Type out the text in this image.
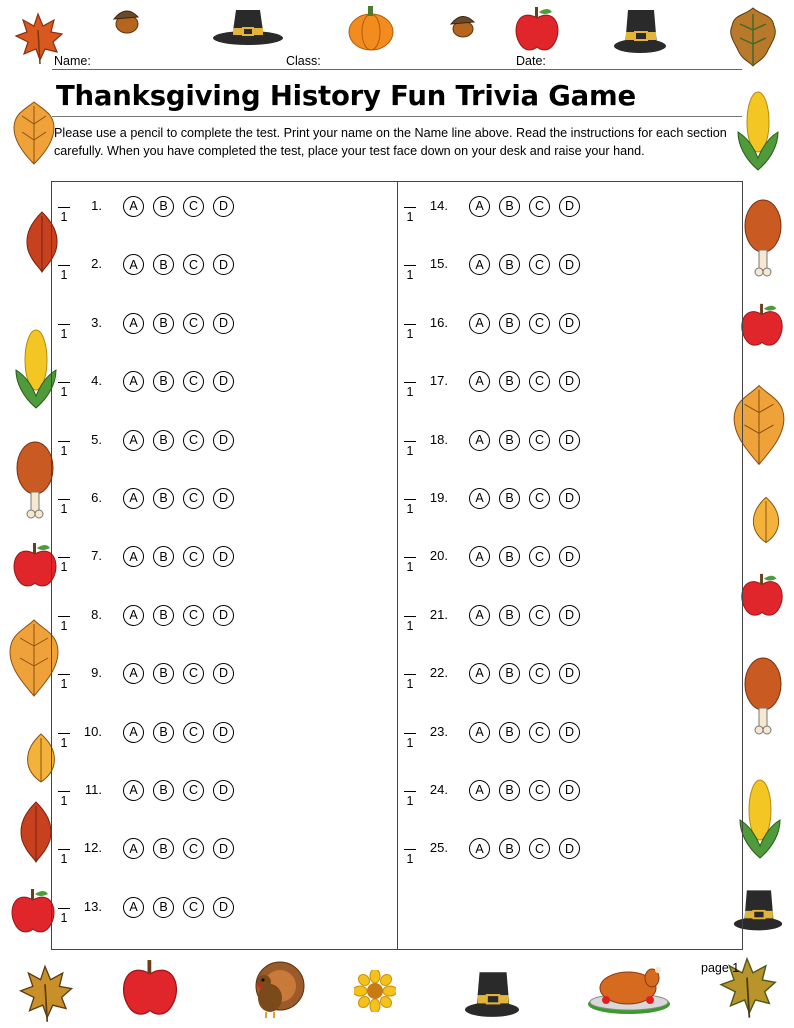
Name:	Class:	Date:
Thanksgiving History Fun Trivia Game

Please use a pencil to complete the test. Print your name on the Name line above. Read the instructions for each section carefully. When you have completed the test, place your test face down on your desk and raise your hand.

1
1.	A	B	C	D
1
2.	A	B	C	D
1
3.	A	B	C	D
1
4.	A	B	C	D
1
5.	A	B	C	D
1
6.	A	B	C	D
1
7.	A	B	C	D
1
8.	A	B	C	D
1
9.	A	B	C	D
1
10.	A	B	C	D
1
11.	A	B	C	D
1
12.	A	B	C	D
1
13.	A	B	C	D
1
14.	A	B	C	D
1
15.	A	B	C	D
1
16.	A	B	C	D
1
17.	A	B	C	D
1
18.	A	B	C	D
1
19.	A	B	C	D
1
20.	A	B	C	D
1
21.	A	B	C	D
1
22.	A	B	C	D
1
23.	A	B	C	D
1
24.	A	B	C	D
1
25.	A	B	C	D
page 1
